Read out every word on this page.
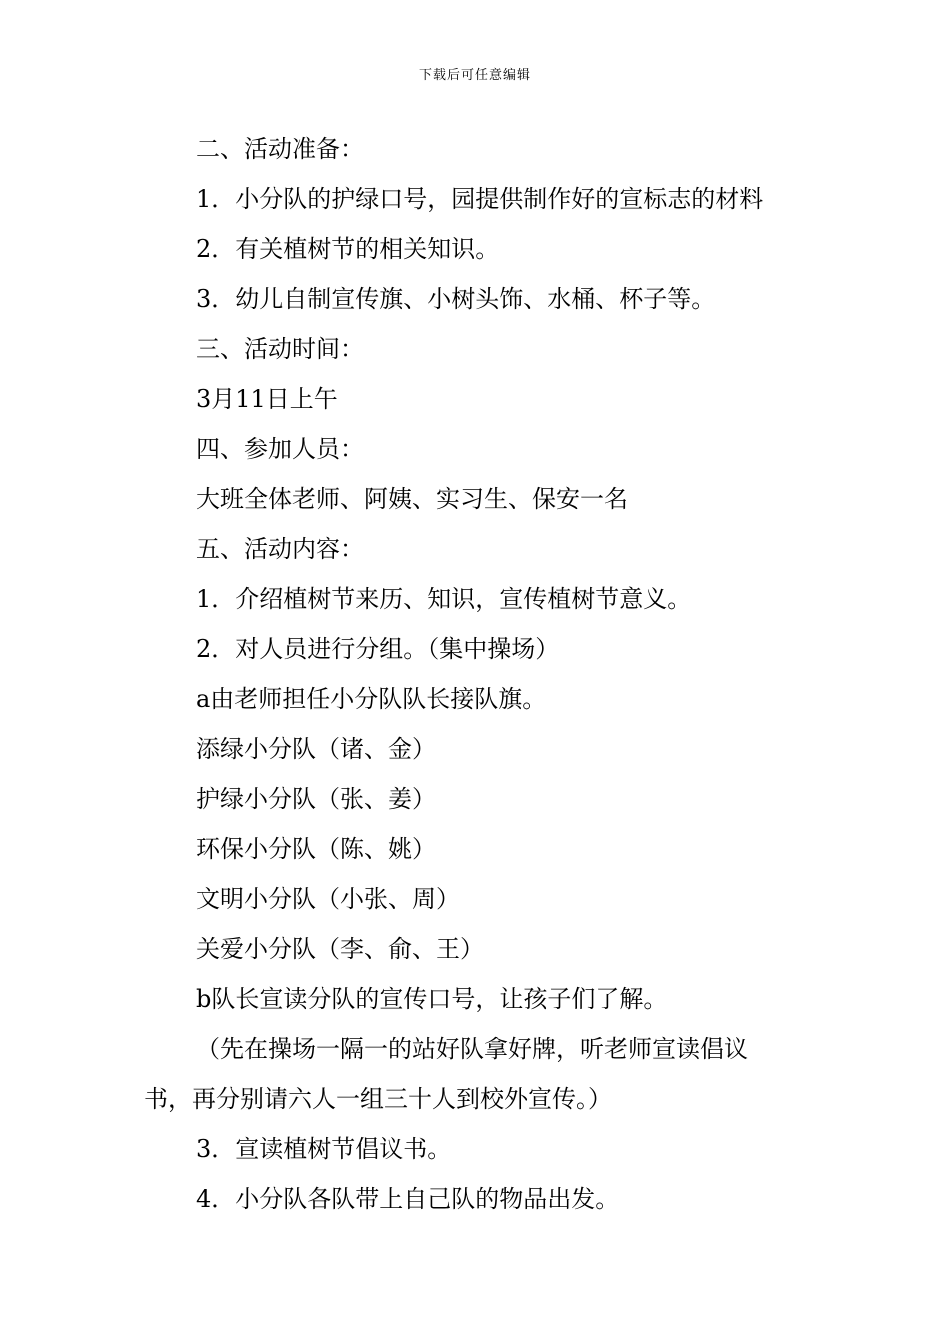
下载后可任意编辑
二、活动准备：
1．小分队的护绿口号，园提供制作好的宣标志的材料
2．有关植树节的相关知识。
3．幼儿自制宣传旗、小树头饰、水桶、杯子等。
三、活动时间：
3月11日上午
四、参加人员：
大班全体老师、阿姨、实习生、保安一名
五、活动内容：
1．介绍植树节来历、知识，宣传植树节意义。
2．对人员进行分组。（集中操场）
a由老师担任小分队队长接队旗。
添绿小分队（诸、金）
护绿小分队（张、姜）
环保小分队（陈、姚）
文明小分队（小张、周）
关爱小分队（李、俞、王）
b队长宣读分队的宣传口号，让孩子们了解。
（先在操场一隔一的站好队拿好牌，听老师宣读倡议
书，再分别请六人一组三十人到校外宣传。）
3．宣读植树节倡议书。
4．小分队各队带上自己队的物品出发。
